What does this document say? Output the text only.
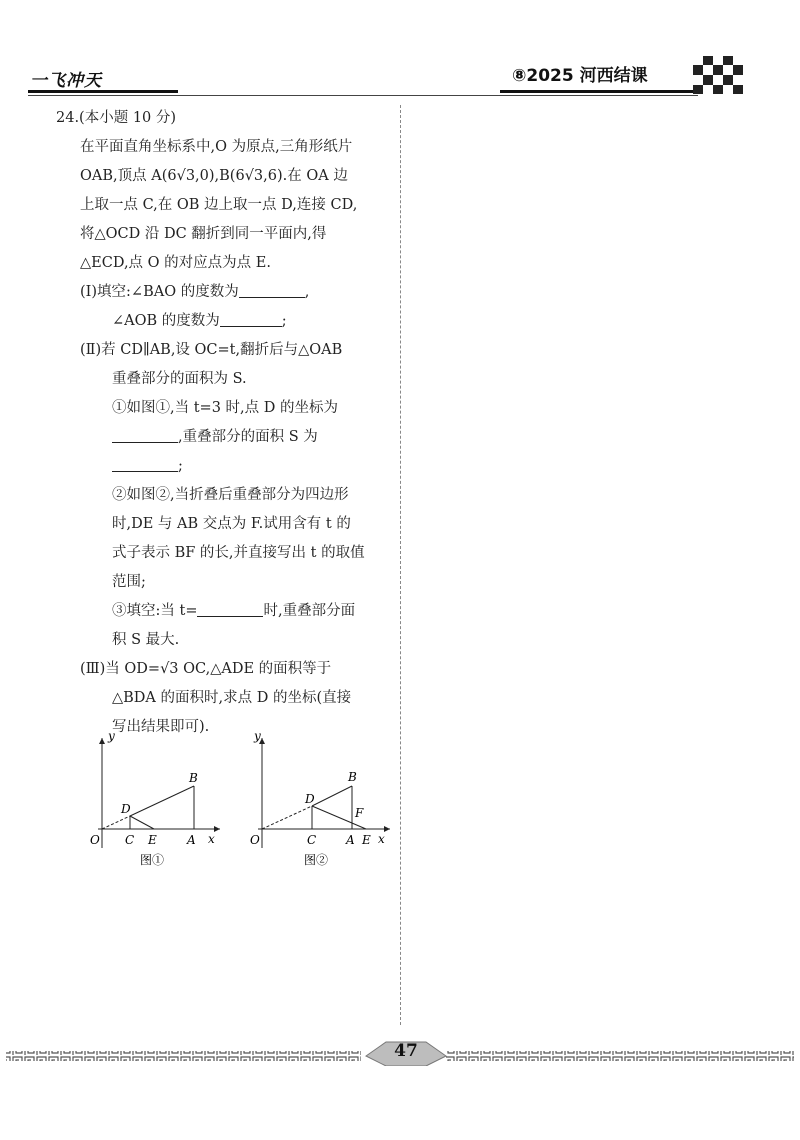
一飞冲天	⑧2025 河西结课

24.(本小题 10 分)

在平面直角坐标系中,O 为原点,三角形纸片

OAB,顶点 A(6√3,0),B(6√3,6).在 OA 边

上取一点 C,在 OB 边上取一点 D,连接 CD,

将△OCD 沿 DC 翻折到同一平面内,得

△ECD,点 O 的对应点为点 E.

(Ⅰ)填空:∠BAO 的度数为	,

∠AOB 的度数为	;

(Ⅱ)若 CD∥AB,设 OC=t,翻折后与△OAB

重叠部分的面积为 S.

①如图①,当 t=3 时,点 D 的坐标为

,重叠部分的面积 S 为

;

②如图②,当折叠后重叠部分为四边形

时,DE 与 AB 交点为 F.试用含有 t 的

式子表示 BF 的长,并直接写出 t 的取值

范围;

③填空:当 t=	时,重叠部分面

积 S 最大.

(Ⅲ)当 OD=√3 OC,△ADE 的面积等于

△BDA 的面积时,求点 D 的坐标(直接

写出结果即可).

y
x
O C E	A
D
B
图①
y
x
O	C A E
D
B
F
图②
47
